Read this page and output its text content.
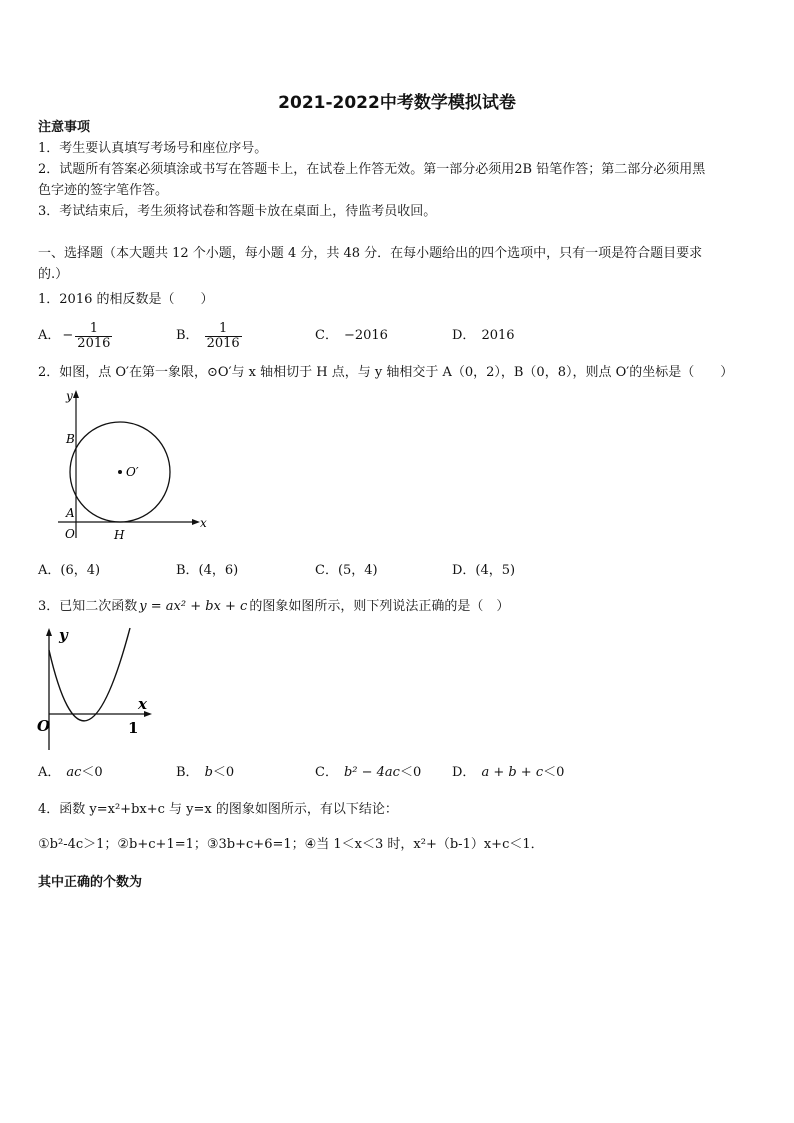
2021-2022中考数学模拟试卷
注意事项
1．考生要认真填写考场号和座位序号。
2．试题所有答案必须填涂或书写在答题卡上，在试卷上作答无效。第一部分必须用2B 铅笔作答；第二部分必须用黑
色字迹的签字笔作答。
3．考试结束后，考生须将试卷和答题卡放在桌面上，待监考员收回。
一、选择题（本大题共 12 个小题，每小题 4 分，共 48 分．在每小题给出的四个选项中，只有一项是符合题目要求
的.）
1．2016 的相反数是（　　）
A． − $\frac{1}{2016}$	B． $\frac{1}{2016}$	C． −2016	D． 2016
2．如图，点 O′在第一象限，⊙O′与 x 轴相切于 H 点，与 y 轴相交于 A（0，2），B（0，8），则点 O′的坐标是（　　）
y
x
B
A
O	H
O′
A．(6，4)	B．(4，6)	C．(5，4)	D．(4，5)
3．已知二次函数 y = ax² + bx + c 的图象如图所示，则下列说法正确的是（　）
y
x
O	1
A． ac＜0	B． b＜0	C． b² − 4ac＜0 D． a + b + c＜0
4．函数 y=x²+bx+c 与 y=x 的图象如图所示，有以下结论：
①b²-4c＞1；②b+c+1=1；③3b+c+6=1；④当 1＜x＜3 时，x²+（b-1）x+c＜1．
其中正确的个数为
